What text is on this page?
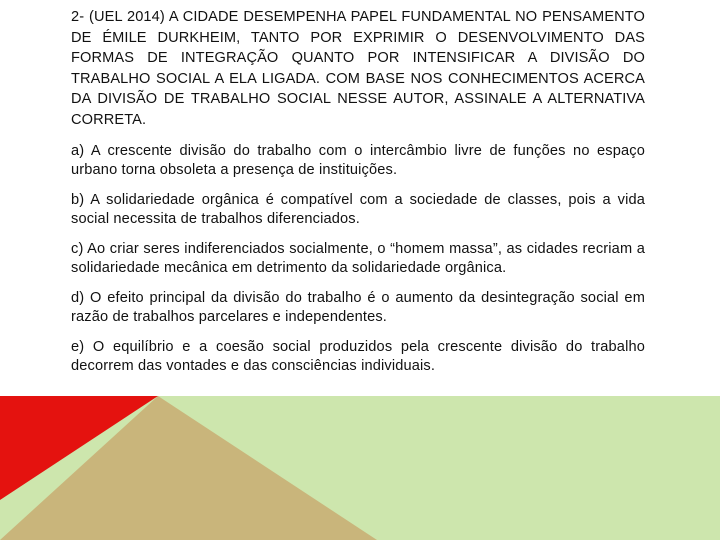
2- (UEL 2014) A CIDADE DESEMPENHA PAPEL FUNDAMENTAL NO PENSAMENTO DE ÉMILE DURKHEIM, TANTO POR EXPRIMIR O DESENVOLVIMENTO DAS FORMAS DE INTEGRAÇÃO QUANTO POR INTENSIFICAR A DIVISÃO DO TRABALHO SOCIAL A ELA LIGADA. COM BASE NOS CONHECIMENTOS ACERCA DA DIVISÃO DE TRABALHO SOCIAL NESSE AUTOR, ASSINALE A ALTERNATIVA CORRETA.

a) A crescente divisão do trabalho com o intercâmbio livre de funções no espaço urbano torna obsoleta a presença de instituições.

b) A solidariedade orgânica é compatível com a sociedade de classes, pois a vida social necessita de trabalhos diferenciados.

c) Ao criar seres indiferenciados socialmente, o “homem massa”, as cidades recriam a solidariedade mecânica em detrimento da solidariedade orgânica.

d) O efeito principal da divisão do trabalho é o aumento da desintegração social em razão de trabalhos parcelares e independentes.

e) O equilíbrio e a coesão social produzidos pela crescente divisão do trabalho decorrem das vontades e das consciências individuais.
